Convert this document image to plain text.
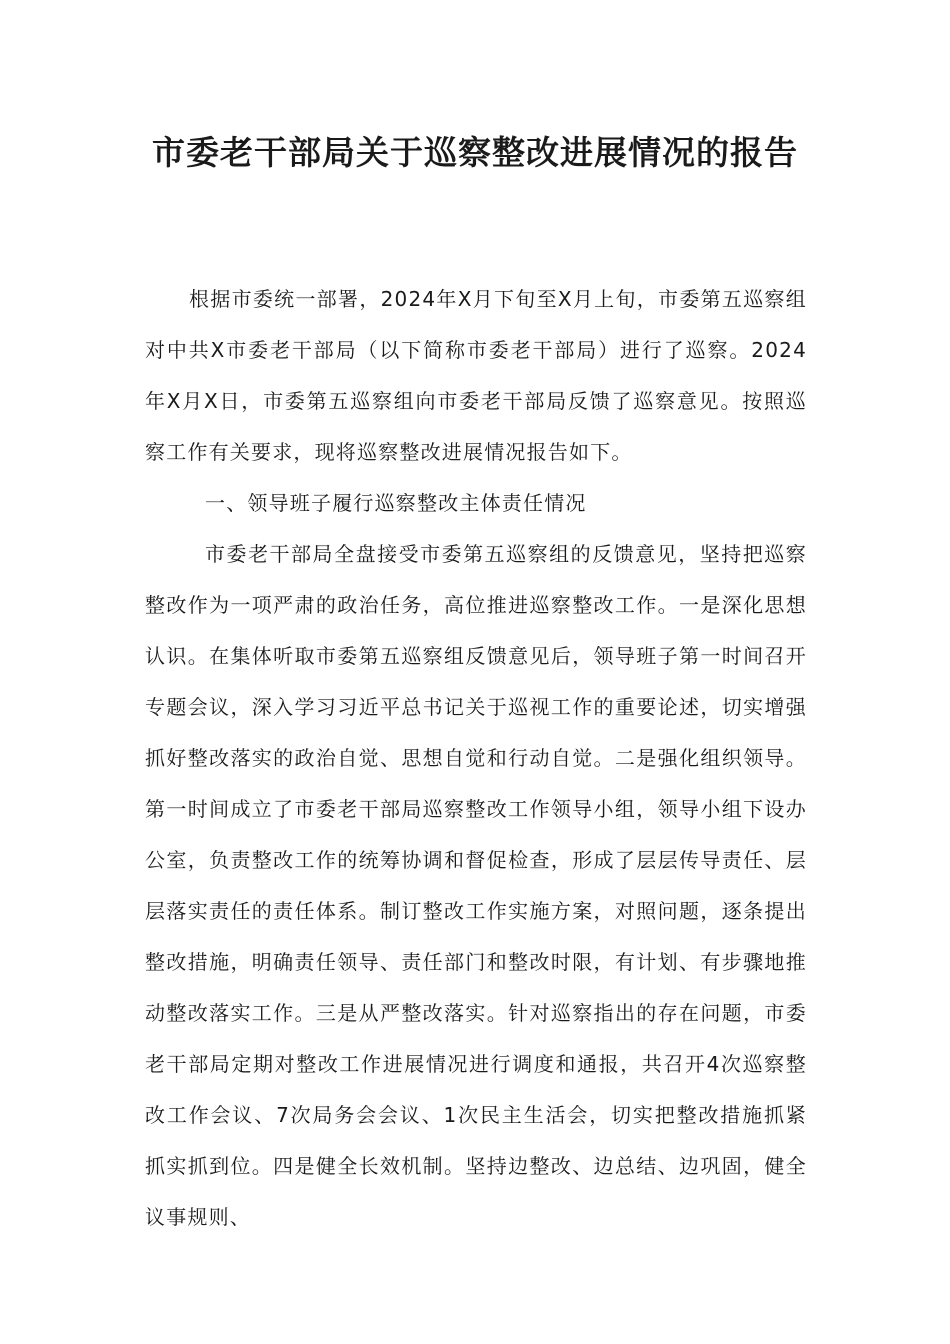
市委老干部局关于巡察整改进展情况的报告

根据市委统一部署，2024年X月下旬至X月上旬，市委第五巡察组对中共X市委老干部局（以下简称市委老干部局）进行了巡察。2024年X月X日，市委第五巡察组向市委老干部局反馈了巡察意见。按照巡察工作有关要求，现将巡察整改进展情况报告如下。

一、领导班子履行巡察整改主体责任情况

市委老干部局全盘接受市委第五巡察组的反馈意见，坚持把巡察整改作为一项严肃的政治任务，高位推进巡察整改工作。一是深化思想认识。在集体听取市委第五巡察组反馈意见后，领导班子第一时间召开专题会议，深入学习习近平总书记关于巡视工作的重要论述，切实增强抓好整改落实的政治自觉、思想自觉和行动自觉。二是强化组织领导。第一时间成立了市委老干部局巡察整改工作领导小组，领导小组下设办公室，负责整改工作的统筹协调和督促检查，形成了层层传导责任、层层落实责任的责任体系。制订整改工作实施方案，对照问题，逐条提出整改措施，明确责任领导、责任部门和整改时限，有计划、有步骤地推动整改落实工作。三是从严整改落实。针对巡察指出的存在问题，市委老干部局定期对整改工作进展情况进行调度和通报，共召开4次巡察整改工作会议、7次局务会会议、1次民主生活会，切实把整改措施抓紧抓实抓到位。四是健全长效机制。坚持边整改、边总结、边巩固，健全议事规则、
